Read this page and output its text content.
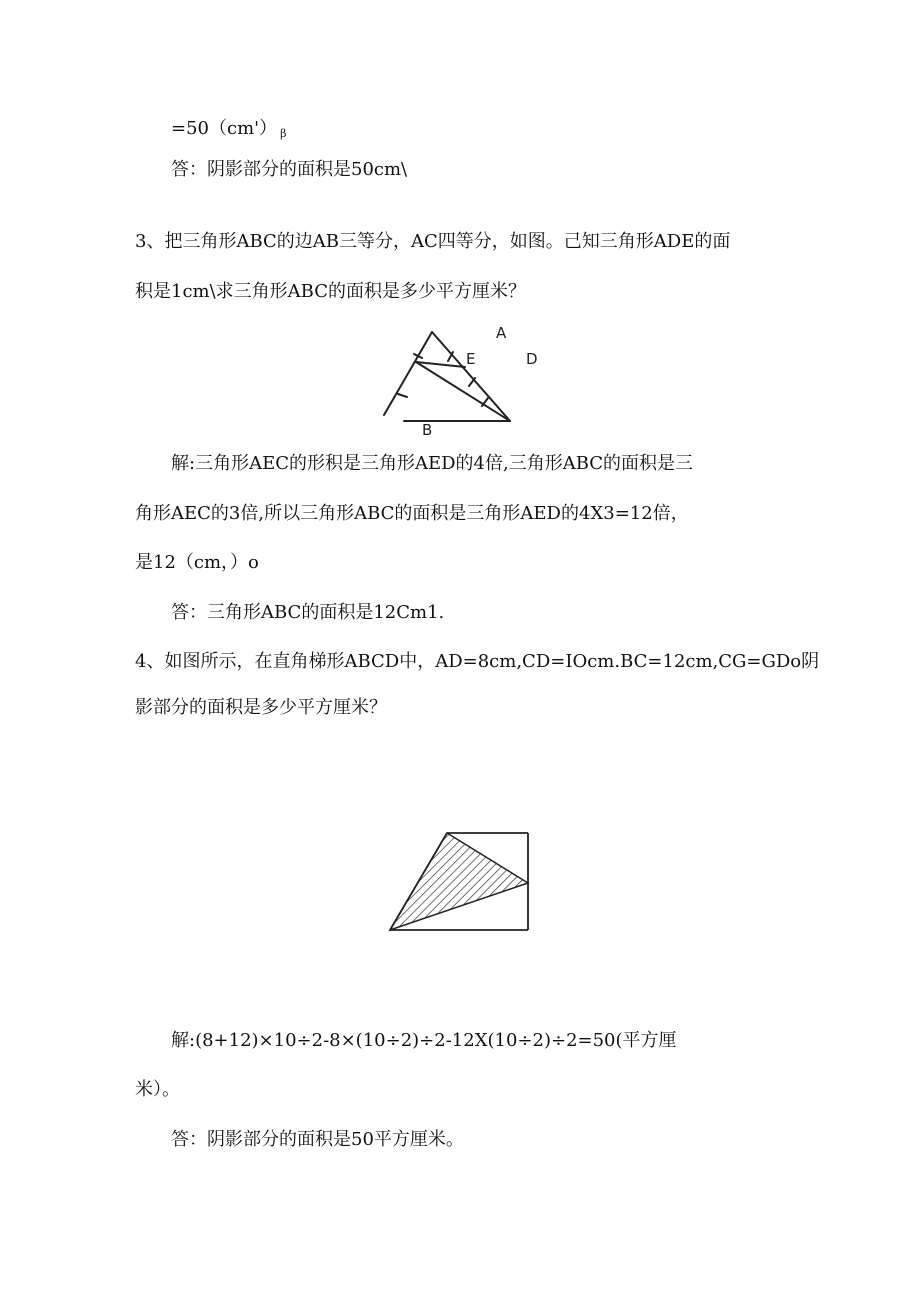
=50（cm'） $_\beta$
答：阴影部分的面积是50cm\
3、把三角形ABC的边AB三等分，AC四等分，如图。己知三角形ADE的面
积是1cm\求三角形ABC的面积是多少平方厘米？
E
A
D
B
解:三角形AEC的形积是三角形AED的4倍,三角形ABC的面积是三
角形AEC的3倍,所以三角形ABC的面积是三角形AED的4X3=12倍，
是12（cm，）o
答：三角形ABC的面积是12Cm1.
4、如图所示，在直角梯形ABCD中，AD=8cm,CD=IOcm.BC=12cm,CG=GDo阴
影部分的面积是多少平方厘米？
解:(8+12)×10÷2-8×(10÷2)÷2-12X(10÷2)÷2=50(平方厘
米）。
答：阴影部分的面积是50平方厘米。
